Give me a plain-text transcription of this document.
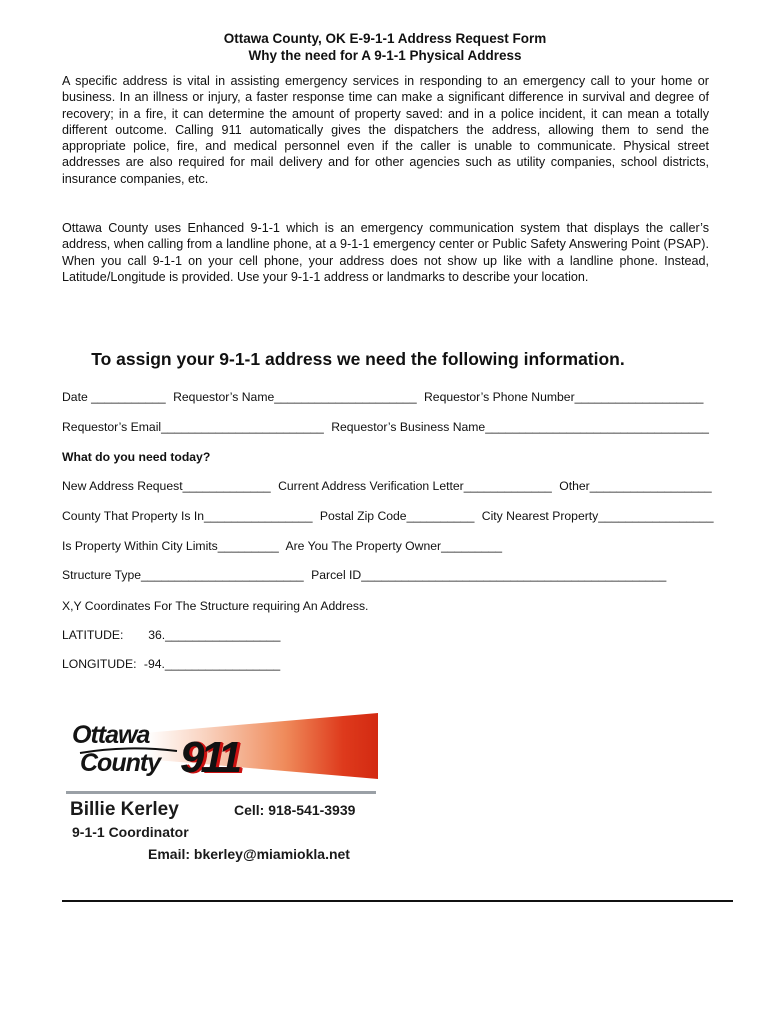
Ottawa County, OK E-9-1-1 Address Request Form
Why the need for A 9-1-1 Physical Address

A specific address is vital in assisting emergency services in responding to an emergency call to your home or business. In an illness or injury, a faster response time can make a significant difference in survival and degree of recovery; in a fire, it can determine the amount of property saved: and in a police incident, it can mean a totally different outcome. Calling 911 automatically gives the dispatchers the address, allowing them to send the appropriate police, fire, and medical personnel even if the caller is unable to communicate. Physical street addresses are also required for mail delivery and for other agencies such as utility companies, school districts, insurance companies, etc.

Ottawa County uses Enhanced 9-1-1 which is an emergency communication system that displays the caller’s address, when calling from a landline phone, at a 9-1-1 emergency center or Public Safety Answering Point (PSAP). When you call 9-1-1 on your cell phone, your address does not show up like with a landline phone. Instead, Latitude/Longitude is provided. Use your 9-1-1 address or landmarks to describe your location.

To assign your 9-1-1 address we need the following information.
Date ___________ Requestor’s Name_____________________ Requestor’s Phone Number___________________
Requestor’s Email________________________ Requestor’s Business Name_________________________________
What do you need today?
New Address Request_____________ Current Address Verification Letter_____________ Other__________________
County That Property Is In________________ Postal Zip Code__________ City Nearest Property_________________
Is Property Within City Limits_________ Are You The Property Owner_________
Structure Type________________________ Parcel ID_____________________________________________
X,Y Coordinates For The Structure requiring An Address.
LATITUDE: 36._________________
LONGITUDE: -94._________________
Ottawa
County 911
Billie Kerley	Cell: 918-541-3939
9-1-1 Coordinator
Email: bkerley@miamiokla.net
